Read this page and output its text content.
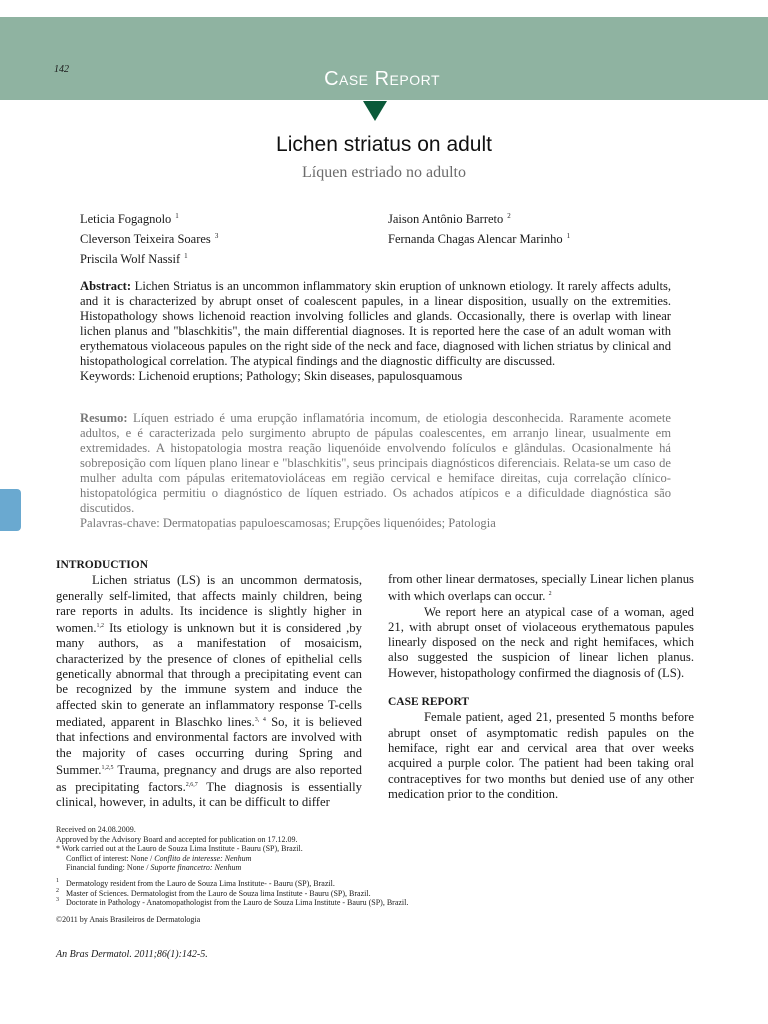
142	Case Report
Lichen striatus on adult
Líquen estriado no adulto
Leticia Fogagnolo $^1$
Cleverson Teixeira Soares $^3$
Priscila Wolf Nassif $^1$
Jaison Antônio Barreto $^2$
Fernanda Chagas Alencar Marinho $^1$
Abstract: Lichen Striatus is an uncommon inflammatory skin eruption of unknown etiology. It rarely affects adults, and it is characterized by abrupt onset of coalescent papules, in a linear disposition, usually on the extremities. Histopathology shows lichenoid reaction involving follicles and glands. Occasionally, there is overlap with linear lichen planus and "blaschkitis", the main differential diagnoses. It is reported here the case of an adult woman with erythematous violaceous papules on the right side of the neck and face, diagnosed with lichen striatus by clinical and histopathological correlation. The atypical findings and the diagnostic difficulty are discussed.
Keywords: Lichenoid eruptions; Pathology; Skin diseases, papulosquamous
Resumo: Líquen estriado é uma erupção inflamatória incomum, de etiologia desconhecida. Raramente acomete adultos, e é caracterizada pelo surgimento abrupto de pápulas coalescentes, em arranjo linear, usualmente em extremidades. A histopatologia mostra reação liquenóide envolvendo folículos e glândulas. Ocasionalmente há sobreposição com líquen plano linear e "blaschkitis", seus principais diagnósticos diferenciais. Relata-se um caso de mulher adulta com pápulas eritematovioláceas em região cervical e hemiface direitas, cuja correlação clínico-histopatológica permitiu o diagnóstico de líquen estriado. Os achados atípicos e a dificuldade diagnóstica são discutidos.
Palavras-chave: Dermatopatias papuloescamosas; Erupções liquenóides; Patologia
INTRODUCTION

Lichen striatus (LS) is an uncommon dermatosis, generally self-limited, that affects mainly children, being rare reports in adults. Its incidence is slightly higher in women.$^{1,2}$ Its etiology is unknown but it is considered ,by many authors, as a manifestation of mosaicism, characterized by the presence of clones of epithelial cells genetically abnormal that through a precipitating event can be recognized by the immune system and induce the affected skin to generate an inflammatory response T-cells mediated, apparent in Blaschko lines.$^{3, 4}$ So, it is believed that infections and environmental factors are involved with the majority of cases occurring during Spring and Summer.$^{1,2,5}$ Trauma, pregnancy and drugs are also reported as precipitating factors.$^{2,6,7}$ The diagnosis is essentially clinical, however, in adults, it can be difficult to differ

from other linear dermatoses, specially Linear lichen planus with which overlaps can occur. $^2$

We report here an atypical case of a woman, aged 21, with abrupt onset of violaceous erythematous papules linearly disposed on the neck and right hemifaces, which also suggested the suspicion of linear lichen planus. However, histopathology confirmed the diagnosis of (LS).

CASE REPORT

Female patient, aged 21, presented 5 months before abrupt onset of asymptomatic redish papules on the hemiface, right ear and cervical area that over weeks acquired a purple color. The patient had been taking oral contraceptives for two months but denied use of any other medication prior to the condition.

Received on 24.08.2009.
Approved by the Advisory Board and accepted for publication on 17.12.09.
* Work carried out at the Lauro de Souza Lima Institute - Bauru (SP), Brazil.
Conflict of interest: None / Conflito de interesse: Nenhum
Financial funding: None / Suporte financetro: Nenhum
1 Dermatology resident from the Lauro de Souza Lima Institute- - Bauru (SP), Brazil.
2 Master of Sciences. Dermatologist from the Lauro de Souza lima Institute - Bauru (SP), Brazil.
3 Doctorate in Pathology - Anatomopathologist from the Lauro de Souza Lima Institute - Bauru (SP), Brazil.
©2011 by Anais Brasileiros de Dermatologia
An Bras Dermatol. 2011;86(1):142-5.
